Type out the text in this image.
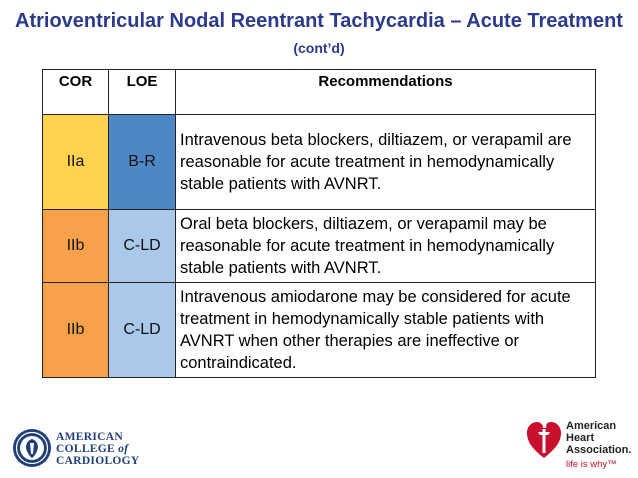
Atrioventricular Nodal Reentrant Tachycardia – Acute Treatment (cont’d)
COR	LOE	Recommendations
IIa	B-R	Intravenous beta blockers, diltiazem, or verapamil are reasonable for acute treatment in hemodynamically stable patients with AVNRT.
IIb	C-LD	Oral beta blockers, diltiazem, or verapamil may be reasonable for acute treatment in hemodynamically stable patients with AVNRT.
IIb	C-LD	Intravenous amiodarone may be considered for acute treatment in hemodynamically stable patients with AVNRT when other therapies are ineffective or contraindicated.
AMERICAN
COLLEGE of
CARDIOLOGY
American
Heart
Association.
life is why™
